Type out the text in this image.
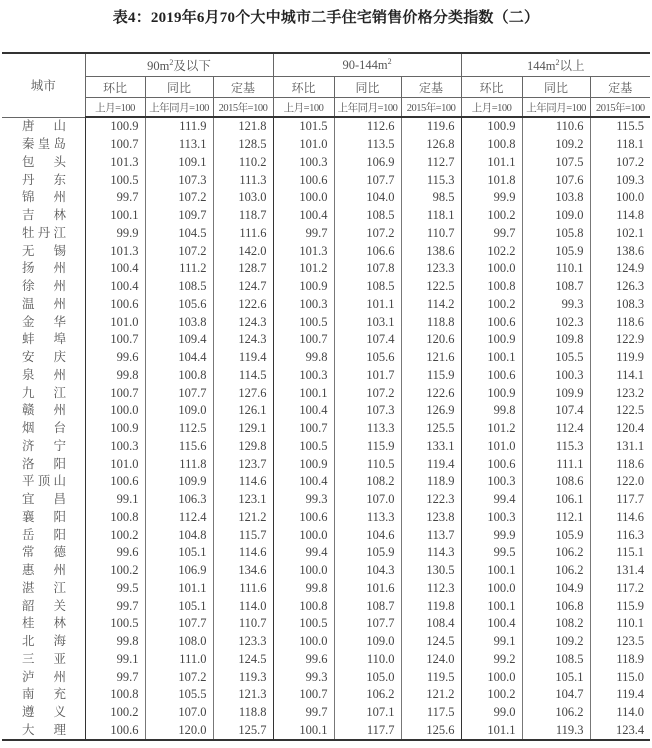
表4：2019年6月70个大中城市二手住宅销售价格分类指数（二）
城市	$90m^2$及以下			$90-144m^2$			$144m^2$以上		
	环比	同比	定基	环比	同比	定基	环比	同比	定基
	上月=100	上年同月=100	2015年=100	上月=100	上年同月=100	2015年=100	上月=100	上年同月=100	2015年=100
唐山	100.9	111.9	121.8	101.5	112.6	119.6	100.9	110.6	115.5
秦皇岛	100.7	113.1	128.5	101.0	113.5	126.8	100.8	109.2	118.1
包头	101.3	109.1	110.2	100.3	106.9	112.7	101.1	107.5	107.2
丹东	100.5	107.3	111.3	100.6	107.7	115.3	101.8	107.6	109.3
锦州	99.7	107.2	103.0	100.0	104.0	98.5	99.9	103.8	100.0
吉林	100.1	109.7	118.7	100.4	108.5	118.1	100.2	109.0	114.8
牡丹江	99.9	104.5	111.6	99.7	107.2	110.7	99.7	105.8	102.1
无锡	101.3	107.2	142.0	101.3	106.6	138.6	102.2	105.9	138.6
扬州	100.4	111.2	128.7	101.2	107.8	123.3	100.0	110.1	124.9
徐州	100.4	108.5	124.7	100.9	108.5	122.5	100.8	108.7	126.3
温州	100.6	105.6	122.6	100.3	101.1	114.2	100.2	99.3	108.3
金华	101.0	103.8	124.3	100.5	103.1	118.8	100.6	102.3	118.6
蚌埠	100.7	109.4	124.3	100.7	107.4	120.6	100.9	109.8	122.9
安庆	99.6	104.4	119.4	99.8	105.6	121.6	100.1	105.5	119.9
泉州	99.8	100.8	114.5	100.3	101.7	115.9	100.6	100.3	114.1
九江	100.7	107.7	127.6	100.1	107.2	122.6	100.9	109.9	123.2
赣州	100.0	109.0	126.1	100.4	107.3	126.9	99.8	107.4	122.5
烟台	100.9	112.5	129.1	100.7	113.3	125.5	101.2	112.4	120.4
济宁	100.3	115.6	129.8	100.5	115.9	133.1	101.0	115.3	131.1
洛阳	101.0	111.8	123.7	100.9	110.5	119.4	100.6	111.1	118.6
平顶山	100.6	109.9	114.6	100.4	108.2	118.9	100.3	108.6	122.0
宜昌	99.1	106.3	123.1	99.3	107.0	122.3	99.4	106.1	117.7
襄阳	100.8	112.4	121.2	100.6	113.3	123.8	100.3	112.1	114.6
岳阳	100.2	104.8	115.7	100.0	104.6	113.7	99.9	105.9	116.3
常德	99.6	105.1	114.6	99.4	105.9	114.3	99.5	106.2	115.1
惠州	100.2	106.9	134.6	100.0	104.3	130.5	100.1	106.2	131.4
湛江	99.5	101.1	111.6	99.8	101.6	112.3	100.0	104.9	117.2
韶关	99.7	105.1	114.0	100.8	108.7	119.8	100.1	106.8	115.9
桂林	100.5	107.7	110.7	100.5	107.7	108.4	100.4	108.2	110.1
北海	99.8	108.0	123.3	100.0	109.0	124.5	99.1	109.2	123.5
三亚	99.1	111.0	124.5	99.6	110.0	124.0	99.2	108.5	118.9
泸州	99.7	107.2	119.3	99.3	105.0	119.5	100.0	105.1	115.0
南充	100.8	105.5	121.3	100.7	106.2	121.2	100.2	104.7	119.4
遵义	100.2	107.0	118.8	99.7	107.1	117.5	99.0	106.2	114.0
大理	100.6	120.0	125.7	100.1	117.7	125.6	101.1	119.3	123.4
